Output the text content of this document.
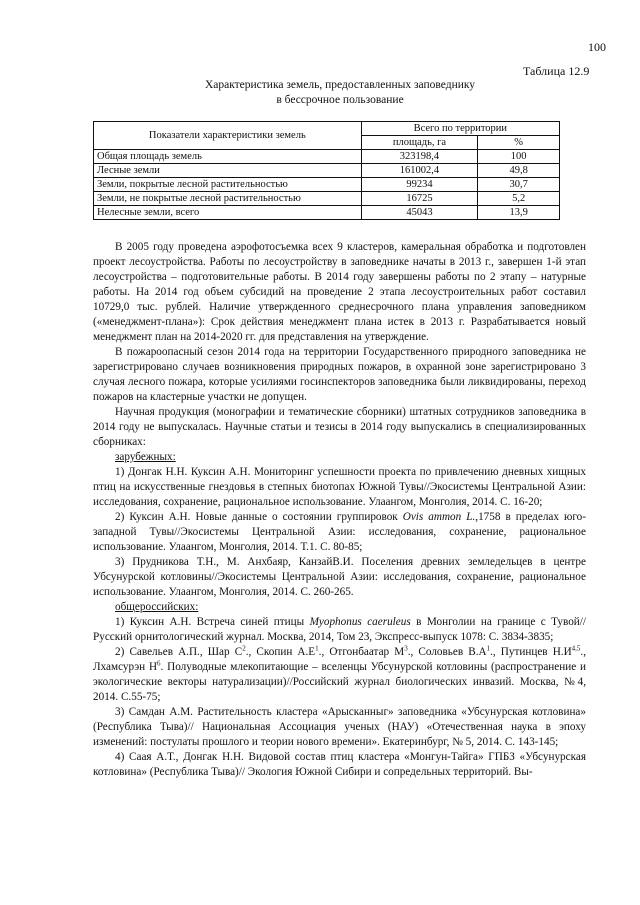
100
Таблица 12.9
Характеристика земель, предоставленных заповеднику
в бессрочное пользование
Показатели характеристики земель	Всего по территории	
	площадь, га	%
Общая площадь земель	323198,4	100
Лесные земли	161002,4	49,8
Земли, покрытые лесной растительностью	99234	30,7
Земли, не покрытые лесной растительностью	16725	5,2
Нелесные земли, всего	45043	13,9

В 2005 году проведена аэрофотосъемка всех 9 кластеров, камеральная обработка и подготовлен проект лесоустройства. Работы по лесоустройству в заповеднике начаты в 2013 г., завершен 1-й этап лесоустройства – подготовительные работы. В 2014 году завершены работы по 2 этапу – натурные работы. На 2014 год объем субсидий на проведение 2 этапа лесоустроительных работ составил 10729,0 тыс. рублей. Наличие утвержденного среднесрочного плана управления заповедником («менеджмент-плана»): Срок действия менеджмент плана истек в 2013 г. Разрабатывается новый менеджмент план на 2014-2020 гг. для представления на утверждение.

В пожароопасный сезон 2014 года на территории Государственного природного заповедника не зарегистрировано случаев возникновения природных пожаров, в охранной зоне зарегистрировано 3 случая лесного пожара, которые усилиями госинспекторов заповедника были ликвидированы, переход пожаров на кластерные участки не допущен.

Научная продукция (монографии и тематические сборники) штатных сотрудников заповедника в 2014 году не выпускалась. Научные статьи и тезисы в 2014 году выпускались в специализированных сборниках:

зарубежных:

1) Донгак Н.Н. Куксин А.Н. Мониторинг успешности проекта по привлечению дневных хищных птиц на искусственные гнездовья в степных биотопах Южной Тувы//Экосистемы Центральной Азии: исследования, сохранение, рациональное использование. Улаангом, Монголия, 2014. С. 16-20;

2) Куксин А.Н. Новые данные о состоянии группировок Ovis ammon L.,1758 в пределах юго-западной Тувы//Экосистемы Центральной Азии: исследования, сохранение, рациональное использование. Улаангом, Монголия, 2014. Т.1. С. 80-85;

3) Прудникова Т.Н., М. Анхбаяр, КанзайВ.И. Поселения древних земледельцев в центре Убсунурской котловины//Экосистемы Центральной Азии: исследования, сохранение, рациональное использование. Улаангом, Монголия, 2014. С. 260-265.

общероссийских:

1) Куксин А.Н. Встреча синей птицы Myophonus caeruleus в Монголии на границе с Тувой//Русский орнитологический журнал. Москва, 2014, Том 23, Экспресс-выпуск 1078: С. 3834-3835;

2) Савельев А.П., Шар $С^2$., Скопин $А.Е^1$., Отгонбаатар $М^3$., Соловьев $В.А^1$., Путинцев $Н.И^{4,5}$., Лхамсурэн $Н^6$. Полуводные млекопитающие – вселенцы Убсунурской котловины (распространение и экологические векторы натурализации)//Российский журнал биологических инвазий. Москва, №4, 2014. С.55-75;

3) Самдан А.М. Растительность кластера «Арысканныг» заповедника «Убсунурская котловина» (Республика Тыва)// Национальная Ассоциация ученых (НАУ) «Отечественная наука в эпоху изменений: постулаты прошлого и теории нового времени». Екатеринбург, № 5, 2014. С. 143-145;

4) Саая А.Т., Донгак Н.Н. Видовой состав птиц кластера «Монгун-Тайга» ГПБЗ «Убсунурская котловина» (Республика Тыва)// Экология Южной Сибири и сопредельных территорий. Вы-
